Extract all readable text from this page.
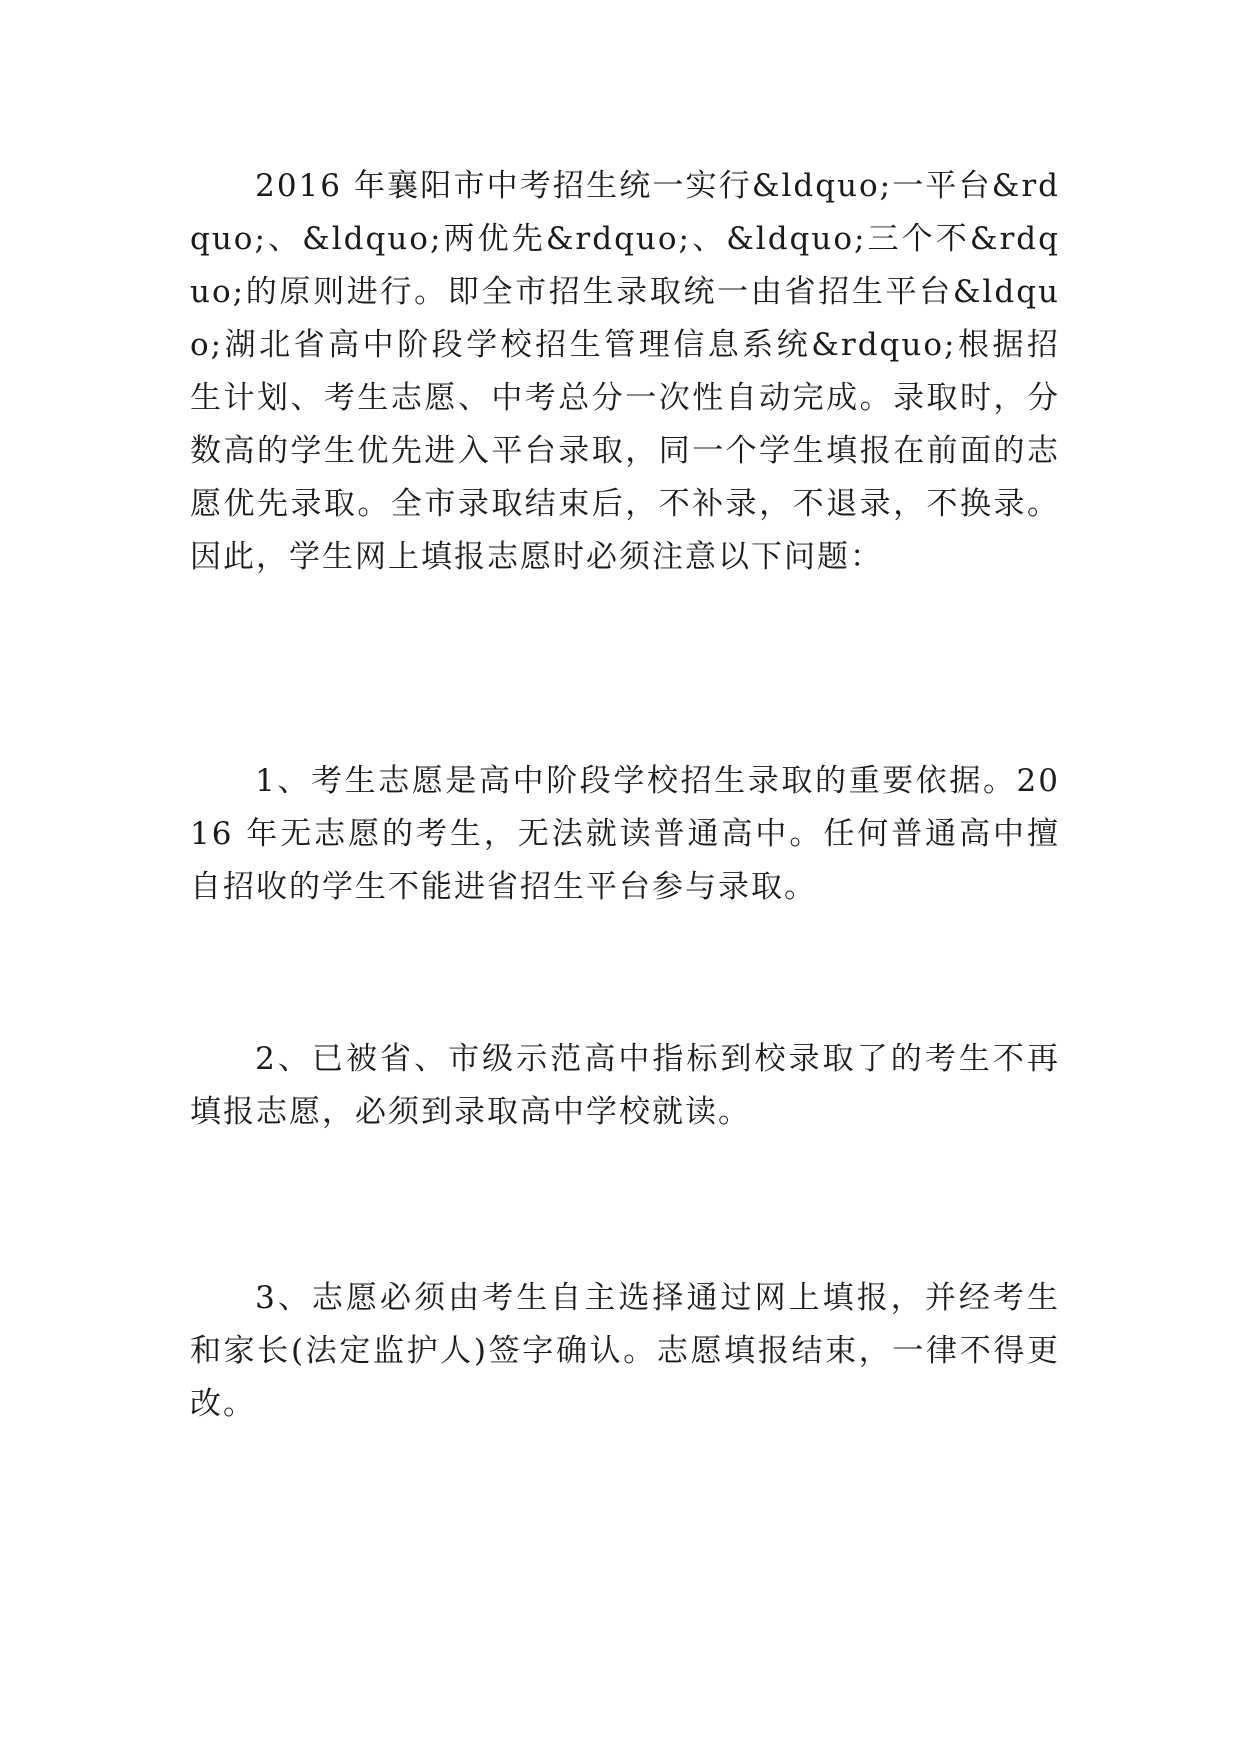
2016 年襄阳市中考招生统一实行&ldquo;一平台&rdquo;、&ldquo;两优先&rdquo;、&ldquo;三个不&rdquo;的原则进行。即全市招生录取统一由省招生平台&ldquo;湖北省高中阶段学校招生管理信息系统&rdquo;根据招生计划、考生志愿、中考总分一次性自动完成。录取时，分数高的学生优先进入平台录取，同一个学生填报在前面的志愿优先录取。全市录取结束后，不补录，不退录，不换录。因此，学生网上填报志愿时必须注意以下问题：

1、考生志愿是高中阶段学校招生录取的重要依据。2016 年无志愿的考生，无法就读普通高中。任何普通高中擅自招收的学生不能进省招生平台参与录取。

2、已被省、市级示范高中指标到校录取了的考生不再填报志愿，必须到录取高中学校就读。

3、志愿必须由考生自主选择通过网上填报，并经考生和家长(法定监护人)签字确认。志愿填报结束，一律不得更改。
